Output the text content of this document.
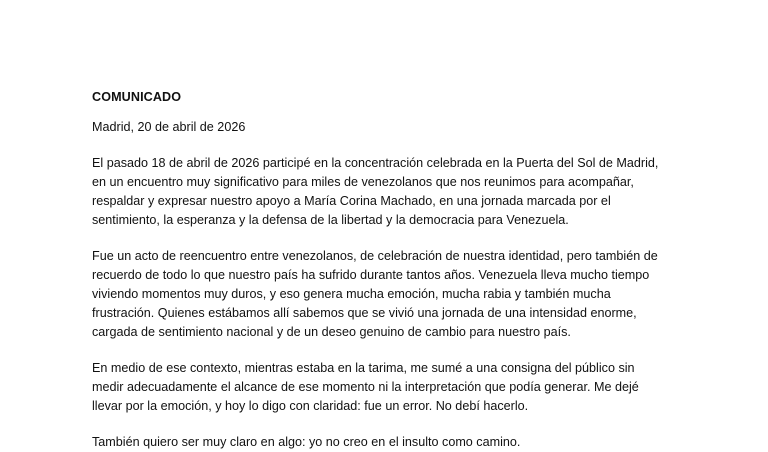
COMUNICADO
Madrid, 20 de abril de 2026
El pasado 18 de abril de 2026 participé en la concentración celebrada en la Puerta del Sol de Madrid,
en un encuentro muy significativo para miles de venezolanos que nos reunimos para acompañar,
respaldar y expresar nuestro apoyo a María Corina Machado, en una jornada marcada por el
sentimiento, la esperanza y la defensa de la libertad y la democracia para Venezuela.
Fue un acto de reencuentro entre venezolanos, de celebración de nuestra identidad, pero también de
recuerdo de todo lo que nuestro país ha sufrido durante tantos años. Venezuela lleva mucho tiempo
viviendo momentos muy duros, y eso genera mucha emoción, mucha rabia y también mucha
frustración. Quienes estábamos allí sabemos que se vivió una jornada de una intensidad enorme,
cargada de sentimiento nacional y de un deseo genuino de cambio para nuestro país.
En medio de ese contexto, mientras estaba en la tarima, me sumé a una consigna del público sin
medir adecuadamente el alcance de ese momento ni la interpretación que podía generar. Me dejé
llevar por la emoción, y hoy lo digo con claridad: fue un error. No debí hacerlo.
También quiero ser muy claro en algo: yo no creo en el insulto como camino.
